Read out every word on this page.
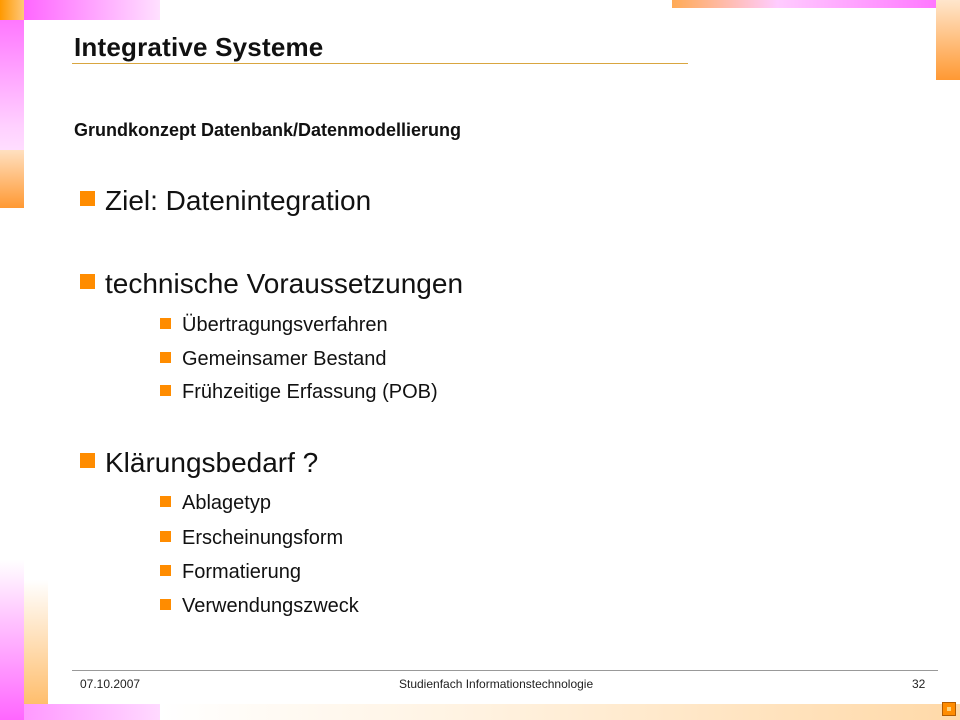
Integrative Systeme
Grundkonzept Datenbank/Datenmodellierung
Ziel: Datenintegration
technische Voraussetzungen
Übertragungsverfahren
Gemeinsamer Bestand
Frühzeitige Erfassung (POB)
Klärungsbedarf ?
Ablagetyp
Erscheinungsform
Formatierung
Verwendungszweck
07.10.2007	Studienfach Informationstechnologie	32
